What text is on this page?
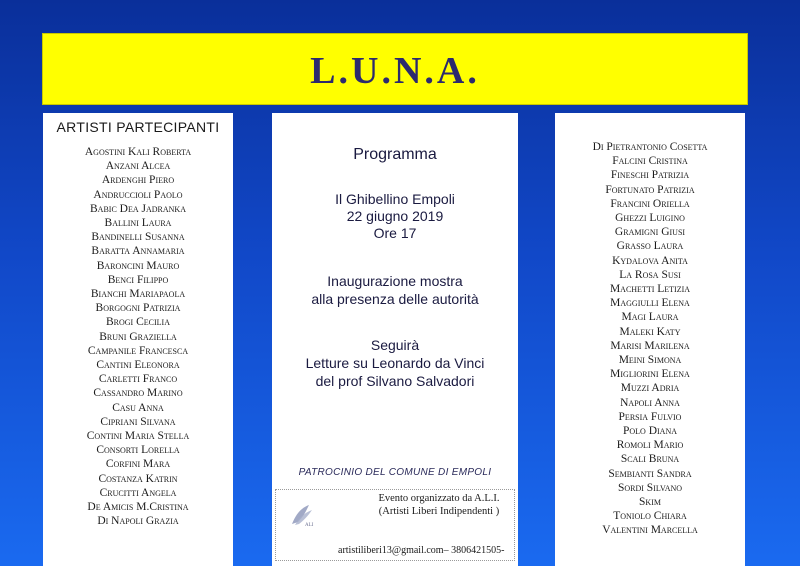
L.U.N.A.
ARTISTI PARTECIPANTI
Agostini Kali Roberta
Anzani Alcea
Ardenghi Piero
Andruccioli Paolo
Babic Dea Jadranka
Ballini Laura
Bandinelli Susanna
Baratta Annamaria
Baroncini Mauro
Benci Filippo
Bianchi Mariapaola
Borgogni Patrizia
Brogi Cecilia
Bruni Graziella
Campanile Francesca
Cantini Eleonora
Carletti Franco
Cassandro Marino
Casu Anna
Cipriani Silvana
Contini Maria Stella
Consorti Lorella
Corfini Mara
Costanza Katrin
Crucitti Angela
De Amicis M.Cristina
Di Napoli Grazia
Programma
Il Ghibellino Empoli
22 giugno 2019
Ore 17
Inaugurazione mostra
alla presenza delle autorità
Seguirà
Letture su Leonardo da Vinci
del prof Silvano Salvadori
PATROCINIO DEL COMUNE DI EMPOLI
ALI
Evento organizzato da A.L.I.
(Artisti Liberi Indipendenti )
artistiliberi13@gmail.com– 3806421505-
Di Pietrantonio Cosetta
Falcini Cristina
Fineschi Patrizia
Fortunato Patrizia
Francini Oriella
Ghezzi Luigino
Gramigni Giusi
Grasso Laura
Kydalova Anita
La Rosa Susi
Machetti Letizia
Maggiulli Elena
Magi Laura
Maleki Katy
Marisi Marilena
Meini Simona
Migliorini Elena
Muzzi Adria
Napoli Anna
Persia Fulvio
Polo Diana
Romoli Mario
Scali Bruna
Sembianti Sandra
Sordi Silvano
Skim
Toniolo Chiara
Valentini Marcella
